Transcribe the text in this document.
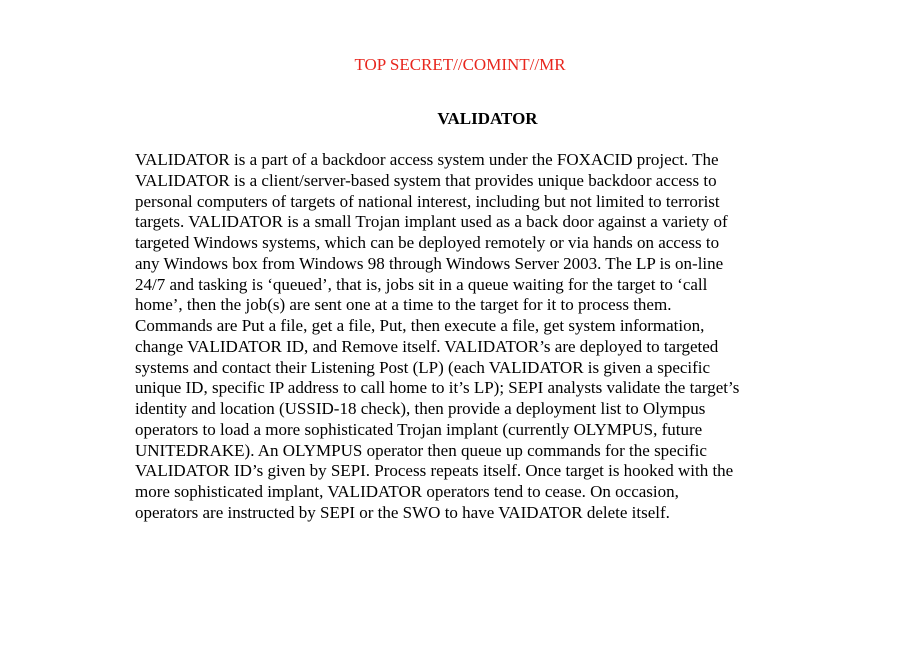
TOP SECRET//COMINT//MR

VALIDATOR
VALIDATOR is a part of a backdoor access system under the FOXACID project. The
VALIDATOR is a client/server-based system that provides unique backdoor access to
personal computers of targets of national interest, including but not limited to terrorist
targets. VALIDATOR is a small Trojan implant used as a back door against a variety of
targeted Windows systems, which can be deployed remotely or via hands on access to
any Windows box from Windows 98 through Windows Server 2003. The LP is on-line
24/7 and tasking is ‘queued’, that is, jobs sit in a queue waiting for the target to ‘call
home’, then the job(s) are sent one at a time to the target for it to process them.
Commands are Put a file, get a file, Put, then execute a file, get system information,
change VALIDATOR ID, and Remove itself. VALIDATOR’s are deployed to targeted
systems and contact their Listening Post (LP) (each VALIDATOR is given a specific
unique ID, specific IP address to call home to it’s LP); SEPI analysts validate the target’s
identity and location (USSID-18 check), then provide a deployment list to Olympus
operators to load a more sophisticated Trojan implant (currently OLYMPUS, future
UNITEDRAKE). An OLYMPUS operator then queue up commands for the specific
VALIDATOR ID’s given by SEPI. Process repeats itself. Once target is hooked with the
more sophisticated implant, VALIDATOR operators tend to cease. On occasion,
operators are instructed by SEPI or the SWO to have VAIDATOR delete itself.
